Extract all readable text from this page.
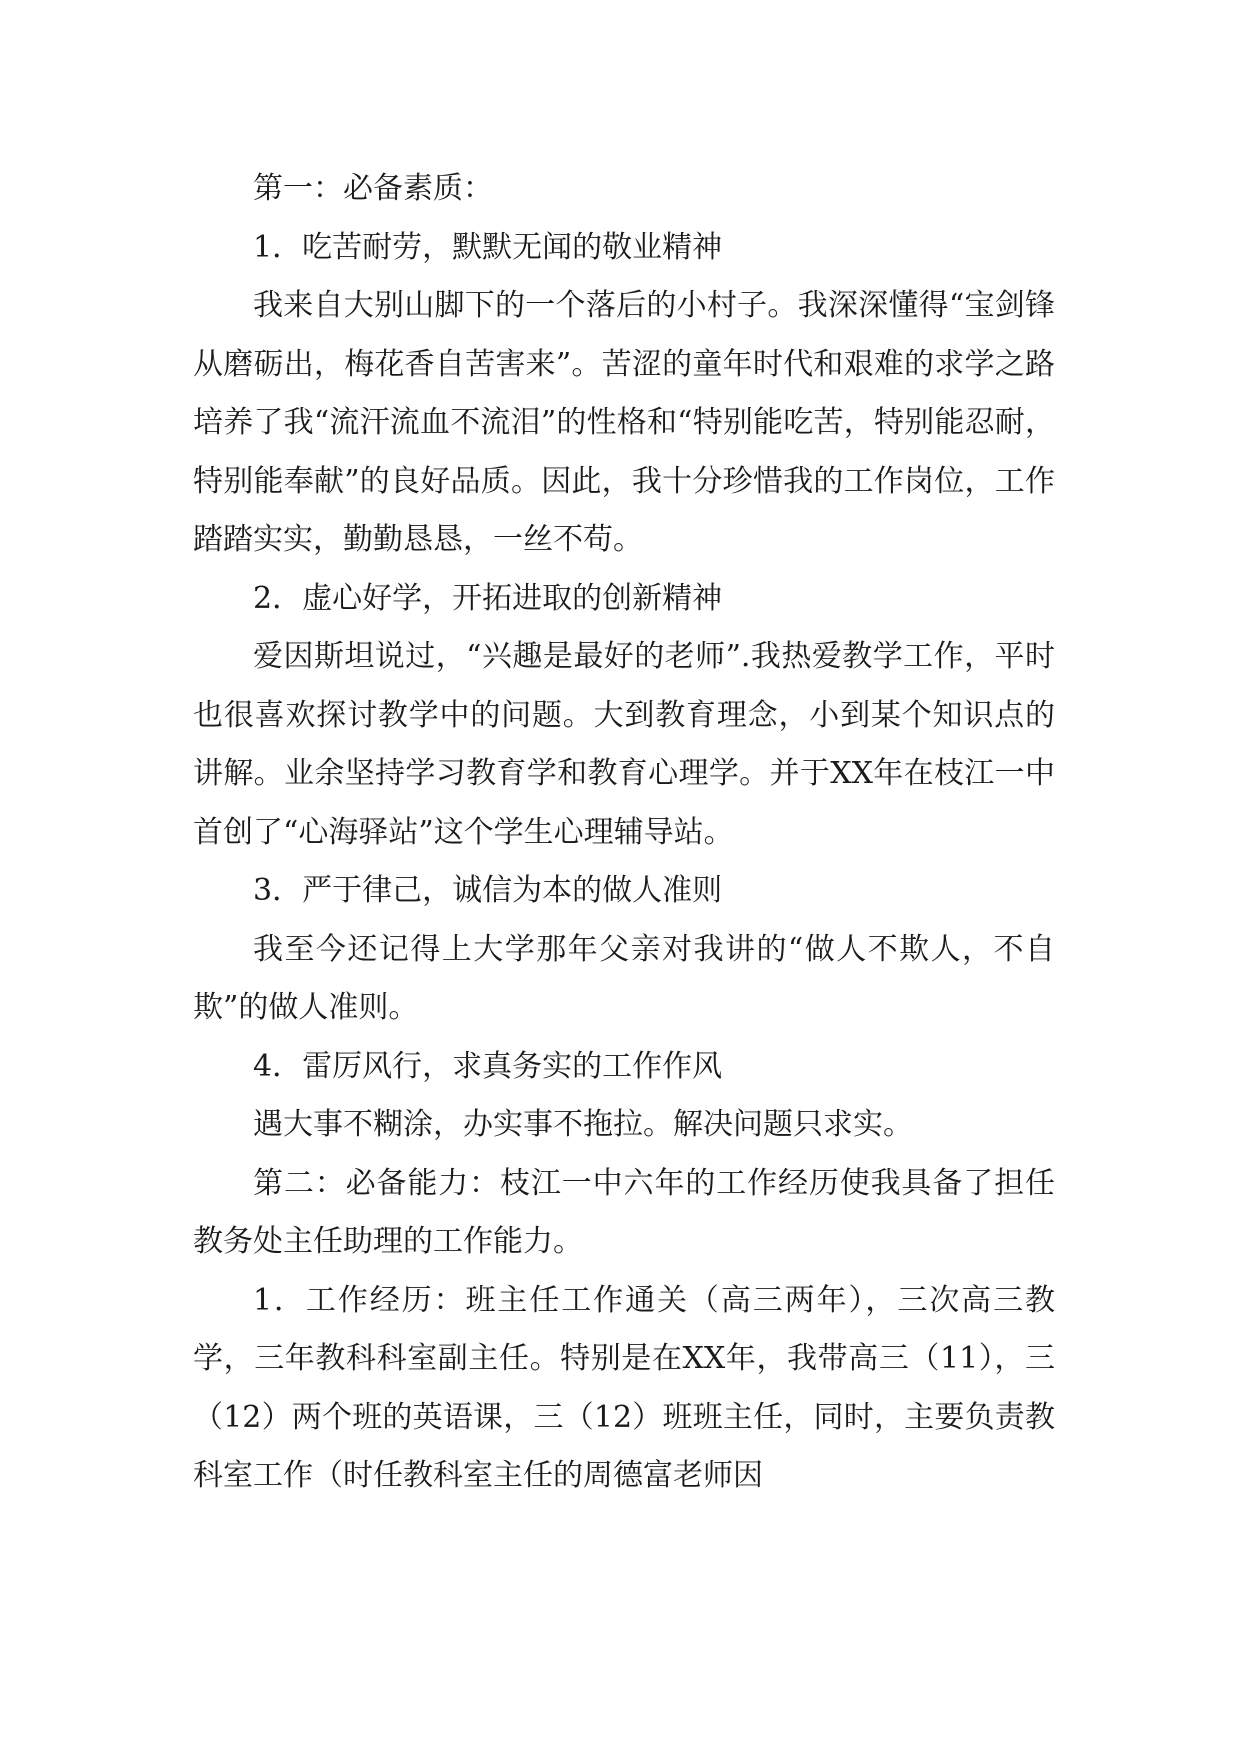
第一：必备素质：

1．吃苦耐劳，默默无闻的敬业精神

我来自大别山脚下的一个落后的小村子。我深深懂得“宝剑锋从磨砺出，梅花香自苦害来”。苦涩的童年时代和艰难的求学之路培养了我“流汗流血不流泪”的性格和“特别能吃苦，特别能忍耐，特别能奉献”的良好品质。因此，我十分珍惜我的工作岗位，工作踏踏实实，勤勤恳恳，一丝不苟。

2．虚心好学，开拓进取的创新精神

爱因斯坦说过，“兴趣是最好的老师”.我热爱教学工作，平时也很喜欢探讨教学中的问题。大到教育理念，小到某个知识点的讲解。业余坚持学习教育学和教育心理学。并于XX年在枝江一中首创了“心海驿站”这个学生心理辅导站。

3．严于律己，诚信为本的做人准则

我至今还记得上大学那年父亲对我讲的“做人不欺人，不自欺”的做人准则。

4．雷厉风行，求真务实的工作作风

遇大事不糊涂，办实事不拖拉。解决问题只求实。

第二：必备能力：枝江一中六年的工作经历使我具备了担任教务处主任助理的工作能力。

1．工作经历：班主任工作通关（高三两年），三次高三教学，三年教科科室副主任。特别是在XX年，我带高三（11），三（12）两个班的英语课，三（12）班班主任，同时，主要负责教科室工作（时任教科室主任的周德富老师因
